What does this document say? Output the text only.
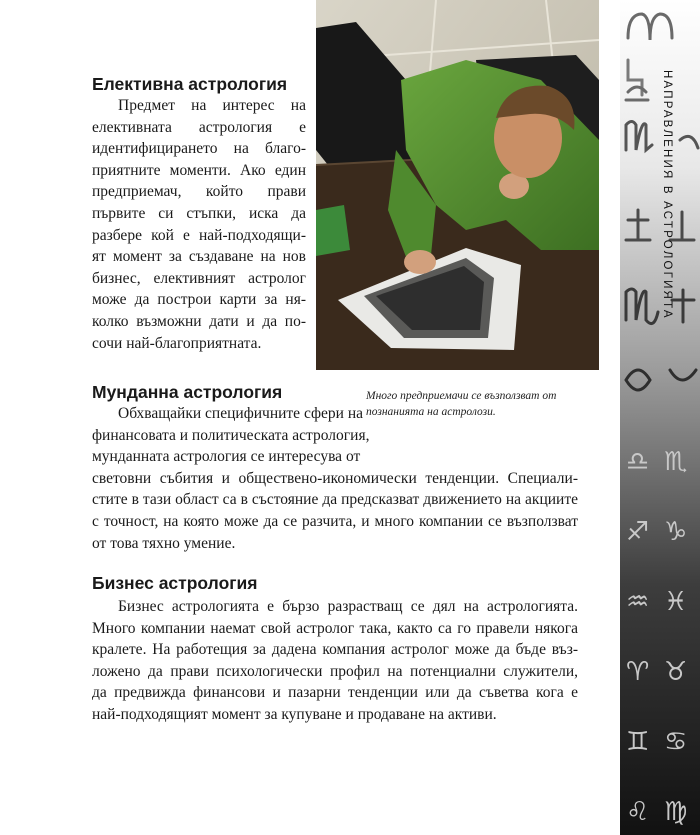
Много предприемачи се възползват от познанията на астролози.
♎ ♏
♐ ♑
♒ ♓
♈ ♉
♊ ♋
♌ ♍
НАПРАВЛЕНИЯ В АСТРОЛОГИЯТА
Елективна астрология
Предмет на интерес на
елективната астрология е
идентифицирането на благо-
приятните моменти. Ако един
предприемач, който прави
първите си стъпки, иска да
разбере кой е най-подходящи-
ят момент за създаване на нов
бизнес, елективният астролог
може да построи карти за ня-
колко възможни дати и да по-
сочи най-благоприятната.
Мунданна астрология
Обхващайки специфичните сфери на
финансовата и политическата астрология,
мунданната астрология се интересува от
световни събития и обществено-икономически тенденции. Специали-
стите в тази област са в състояние да предсказват движението на акциите
с точност, на която може да се разчита, и много компании се възползват
от това тяхно умение.
Бизнес астрология
Бизнес астрологията е бързо разрастващ се дял на астрологията.
Много компании наемат свой астролог така, както са го правели някога
кралете. На работещия за дадена компания астролог може да бъде въз-
ложено да прави психологически профил на потенциални служители,
да предвижда финансови и пазарни тенденции или да съветва кога е
най-подходящият момент за купуване и продаване на активи.
